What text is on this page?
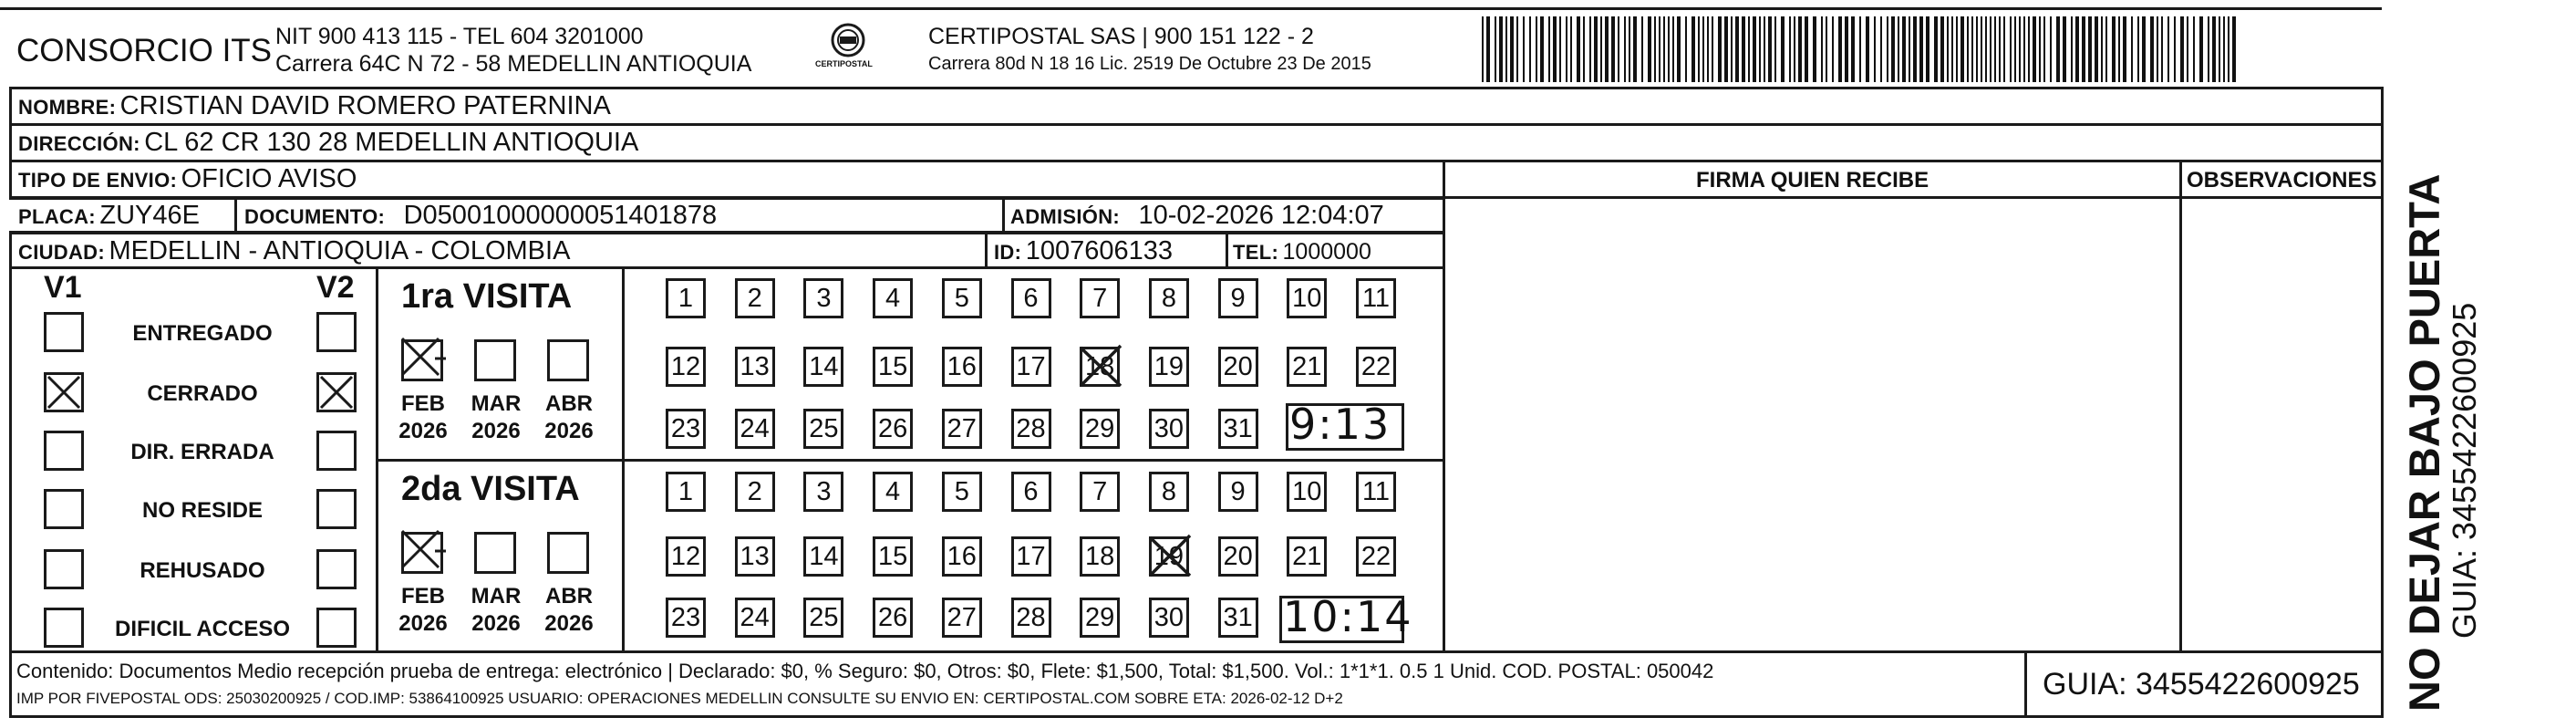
CONSORCIO ITS NIT 900 413 115 - TEL 604 3201000
Carrera 64C N 72 - 58 MEDELLIN ANTIOQUIA	CERTIPOSTAL
CERTIPOSTAL SAS | 900 151 122 - 2
Carrera 80d N 18 16 Lic. 2519 De Octubre 23 De 2015
NOMBRE: CRISTIAN DAVID ROMERO PATERNINA
DIRECCIÓN: CL 62 CR 130 28 MEDELLIN ANTIOQUIA
TIPO DE ENVIO: OFICIO AVISO	FIRMA QUIEN RECIBE	OBSERVACIONES
PLACA: ZUY46E DOCUMENTO: D05001000000051401878	ADMISIÓN: 10-02-2026 12:04:07
CIUDAD: MEDELLIN - ANTIOQUIA - COLOMBIA	ID: 1007606133	TEL: 1000000
V1	V2
ENTREGADO
CERRADO
DIR. ERRADA
NO RESIDE
REHUSADO
DIFICIL ACCESO
1ra VISITA
2da VISITA
FEB
2026
MAR
2026
ABR
2026
FEB
2026
MAR
2026
ABR
2026
1 2 3 4 5 6 7 8 9 10 11
12 13 14 15 16 17 18 19 20 21 22
23 24 25 26 27 28 29 30 31
1 2 3 4 5 6 7 8 9 10 11
12 13 14 15 16 17 18 19 20 21 22
23 24 25 26 27 28 29 30 31
9:13
10:14
Contenido: Documentos Medio recepción prueba de entrega: electrónico | Declarado: $0, % Seguro: $0, Otros: $0, Flete: $1,500, Total: $1,500. Vol.: 1*1*1. 0.5 1 Unid. COD. POSTAL: 050042
IMP POR FIVEPOSTAL ODS: 25030200925 / COD.IMP: 53864100925 USUARIO: OPERACIONES MEDELLIN CONSULTE SU ENVIO EN: CERTIPOSTAL.COM SOBRE ETA: 2026-02-12 D+2	GUIA: 3455422600925 NO DEJAR BAJO PUERTA
GUIA: 3455422600925
